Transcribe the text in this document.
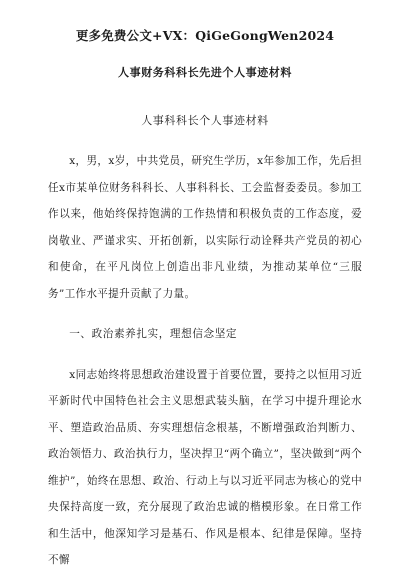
更多免费公文+VX：QiGeGongWen2024
人事财务科科长先进个人事迹材料
人事科科长个人事迹材料

x，男，x岁，中共党员，研究生学历，x年参加工作，先后担任x市某单位财务科科长、人事科科长、工会监督委委员。参加工作以来，他始终保持饱满的工作热情和积极负责的工作态度，爱岗敬业、严谨求实、开拓创新，以实际行动诠释共产党员的初心和使命，在平凡岗位上创造出非凡业绩，为推动某单位“三服务”工作水平提升贡献了力量。

一、政治素养扎实，理想信念坚定

x同志始终将思想政治建设置于首要位置，要持之以恒用习近平新时代中国特色社会主义思想武装头脑，在学习中提升理论水平、塑造政治品质、夯实理想信念根基，不断增强政治判断力、政治领悟力、政治执行力，坚决捍卫“两个确立”，坚决做到“两个维护”，始终在思想、政治、行动上与以习近平同志为核心的党中央保持高度一致，充分展现了政治忠诚的楷模形象。在日常工作和生活中，他深知学习是基石、作风是根本、纪律是保障。坚持不懈
